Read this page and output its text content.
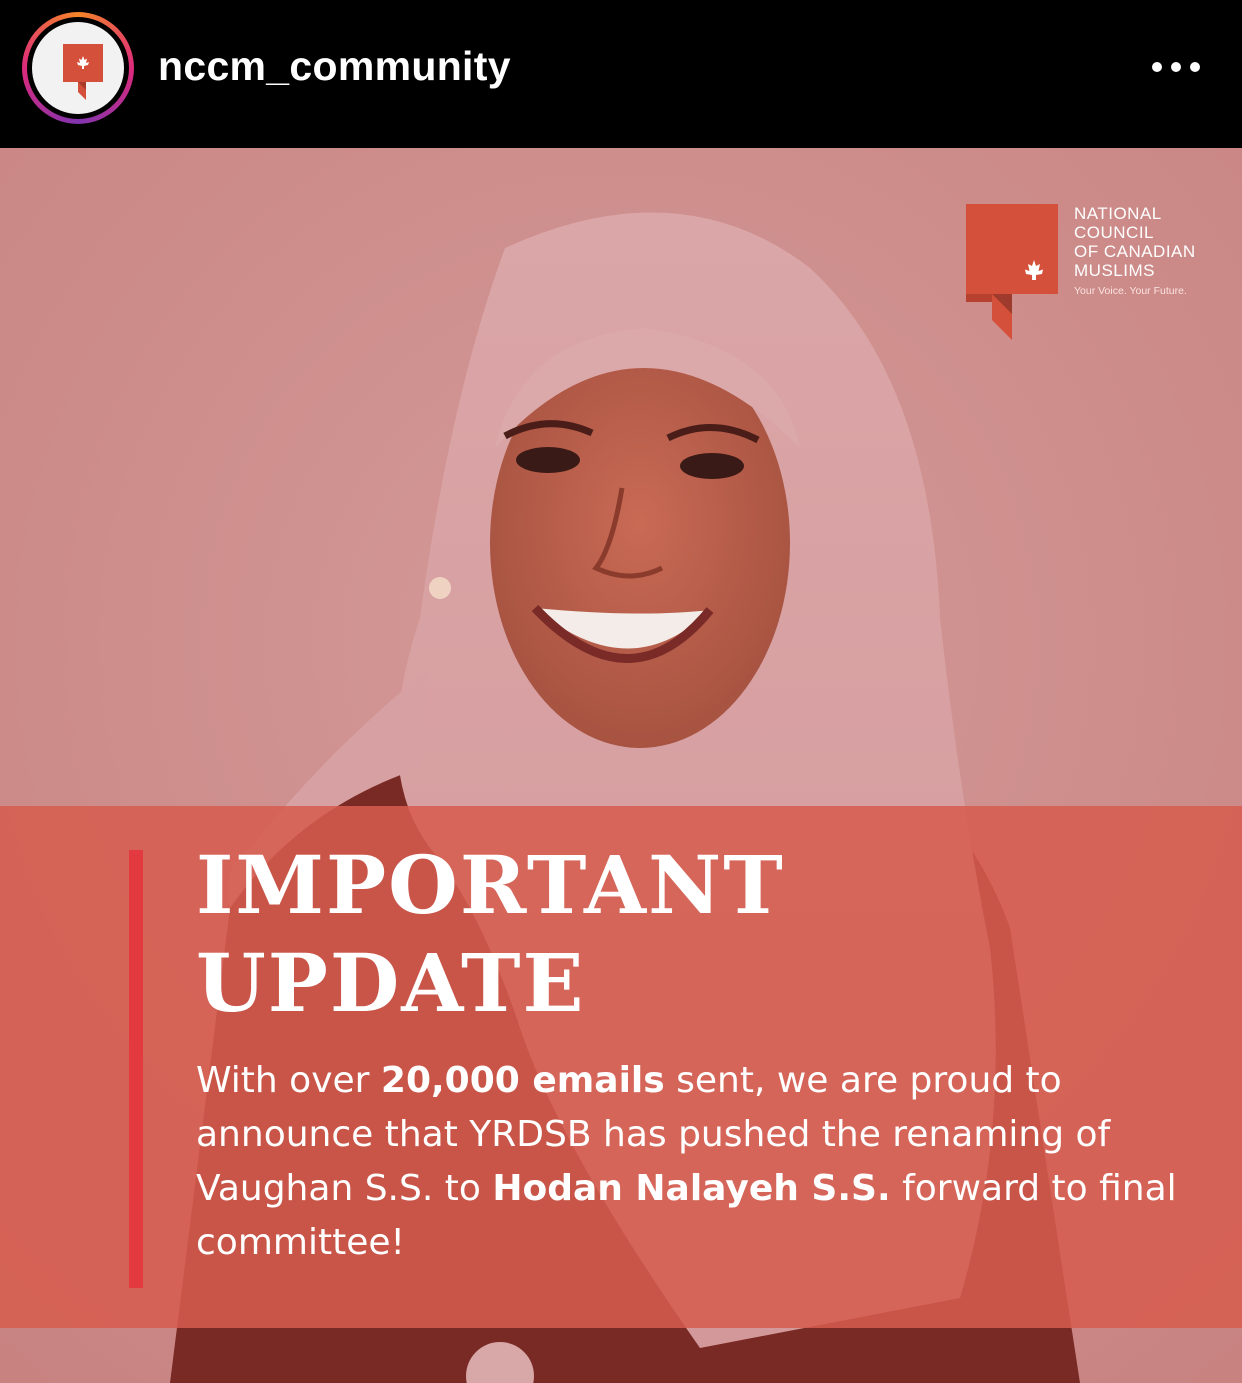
nccm_community
NATIONAL
COUNCIL
OF CANADIAN
MUSLIMS
Your Voice. Your Future.
IMPORTANT
UPDATE

With over 20,000 emails sent, we are proud to announce that YRDSB has pushed the renaming of Vaughan S.S. to Hodan Nalayeh S.S. forward to final committee!
